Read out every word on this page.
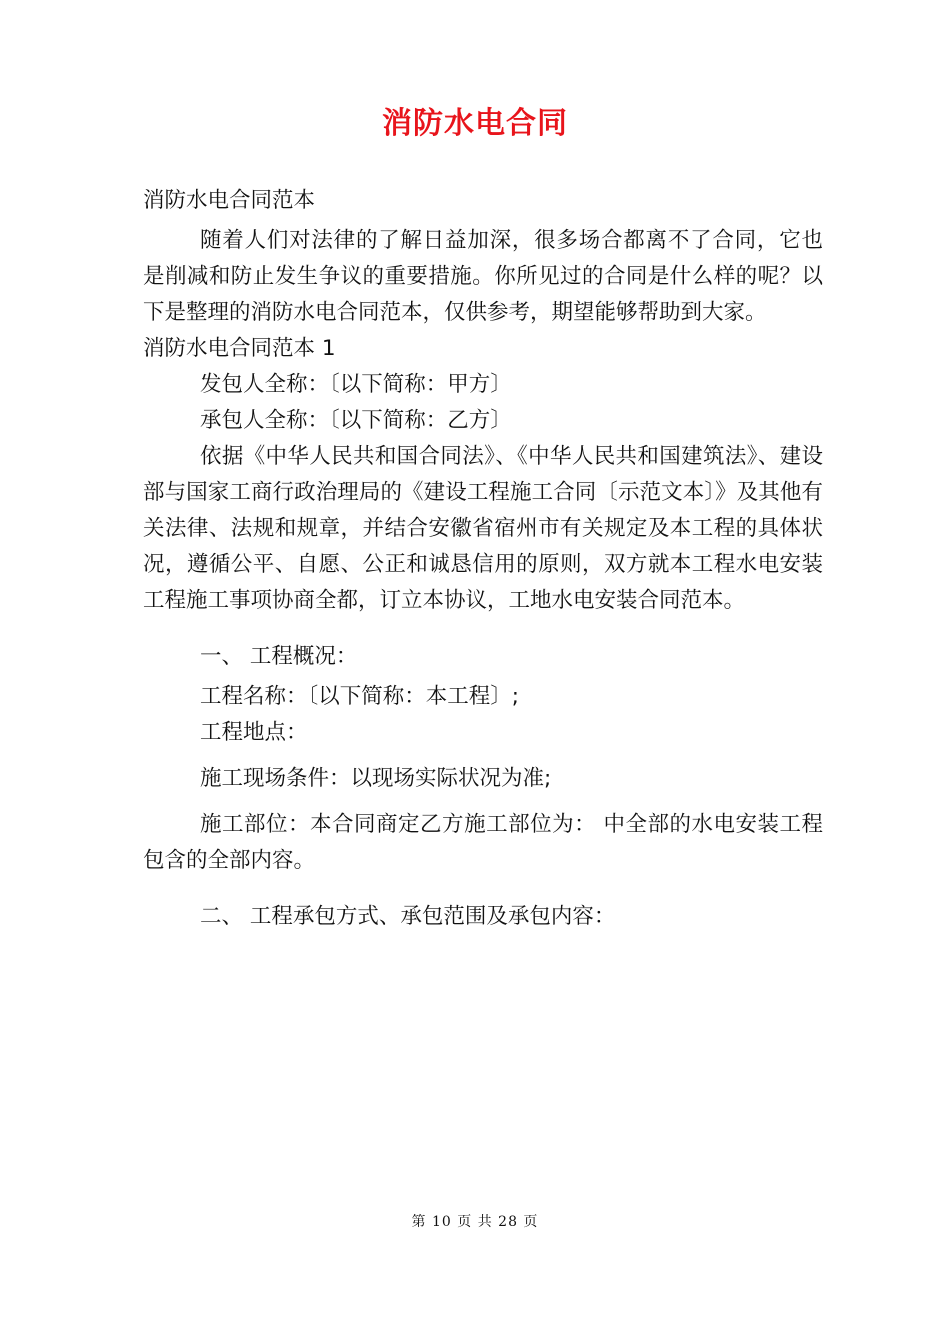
消防水电合同

消防水电合同范本

随着人们对法律的了解日益加深，很多场合都离不了合同，它也是削减和防止发生争议的重要措施。你所见过的合同是什么样的呢？以下是整理的消防水电合同范本，仅供参考，期望能够帮助到大家。

消防水电合同范本 1

发包人全称：〔以下简称：甲方〕

承包人全称：〔以下简称：乙方〕

依据《中华人民共和国合同法》、《中华人民共和国建筑法》、建设部与国家工商行政治理局的《建设工程施工合同〔示范文本〕》及其他有关法律、法规和规章，并结合安徽省宿州市有关规定及本工程的具体状况，遵循公平、自愿、公正和诚恳信用的原则，双方就本工程水电安装工程施工事项协商全都，订立本协议，工地水电安装合同范本。

一、 工程概况：

工程名称：〔以下简称：本工程〕;

工程地点：

施工现场条件：以现场实际状况为准;

施工部位：本合同商定乙方施工部位为： 中全部的水电安装工程包含的全部内容。

二、 工程承包方式、承包范围及承包内容：

第 10 页 共 28 页
